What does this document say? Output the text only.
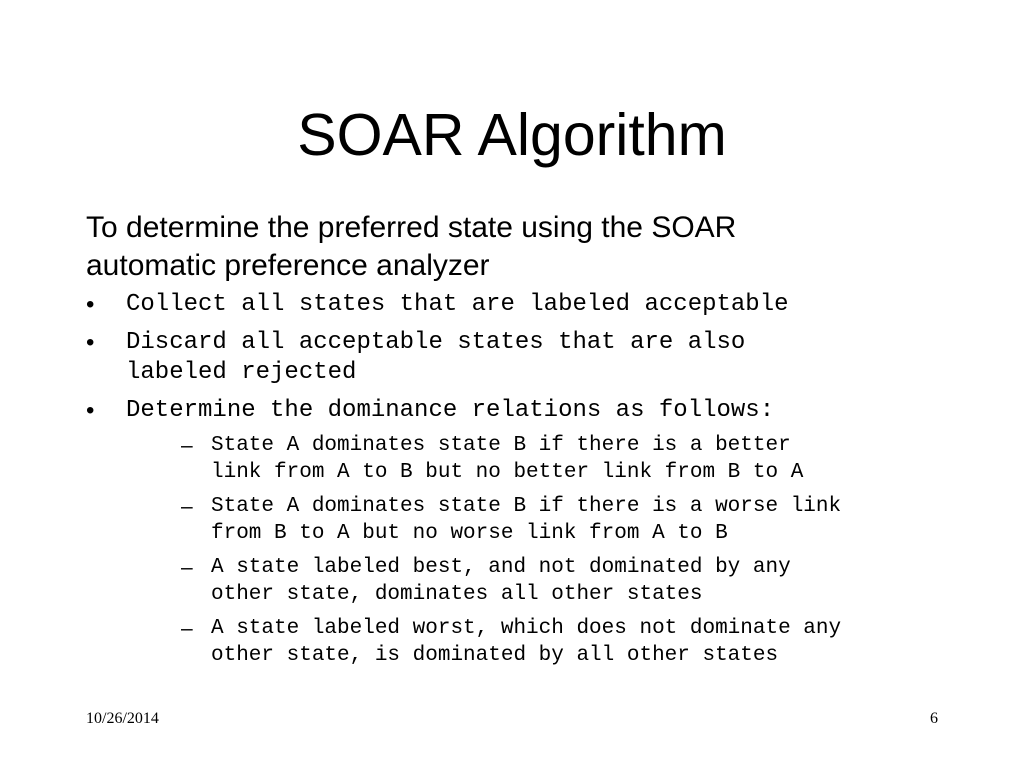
SOAR Algorithm

To determine the preferred state using the SOAR
automatic preference analyzer

• Collect all states that are labeled acceptable
• Discard all acceptable states that are also
labeled rejected
• Determine the dominance relations as follows:
– State A dominates state B if there is a better
link from A to B but no better link from B to A
– State A dominates state B if there is a worse link
from B to A but no worse link from A to B
– A state labeled best, and not dominated by any
other state, dominates all other states
– A state labeled worst, which does not dominate any
other state, is dominated by all other states
10/26/2014	6
